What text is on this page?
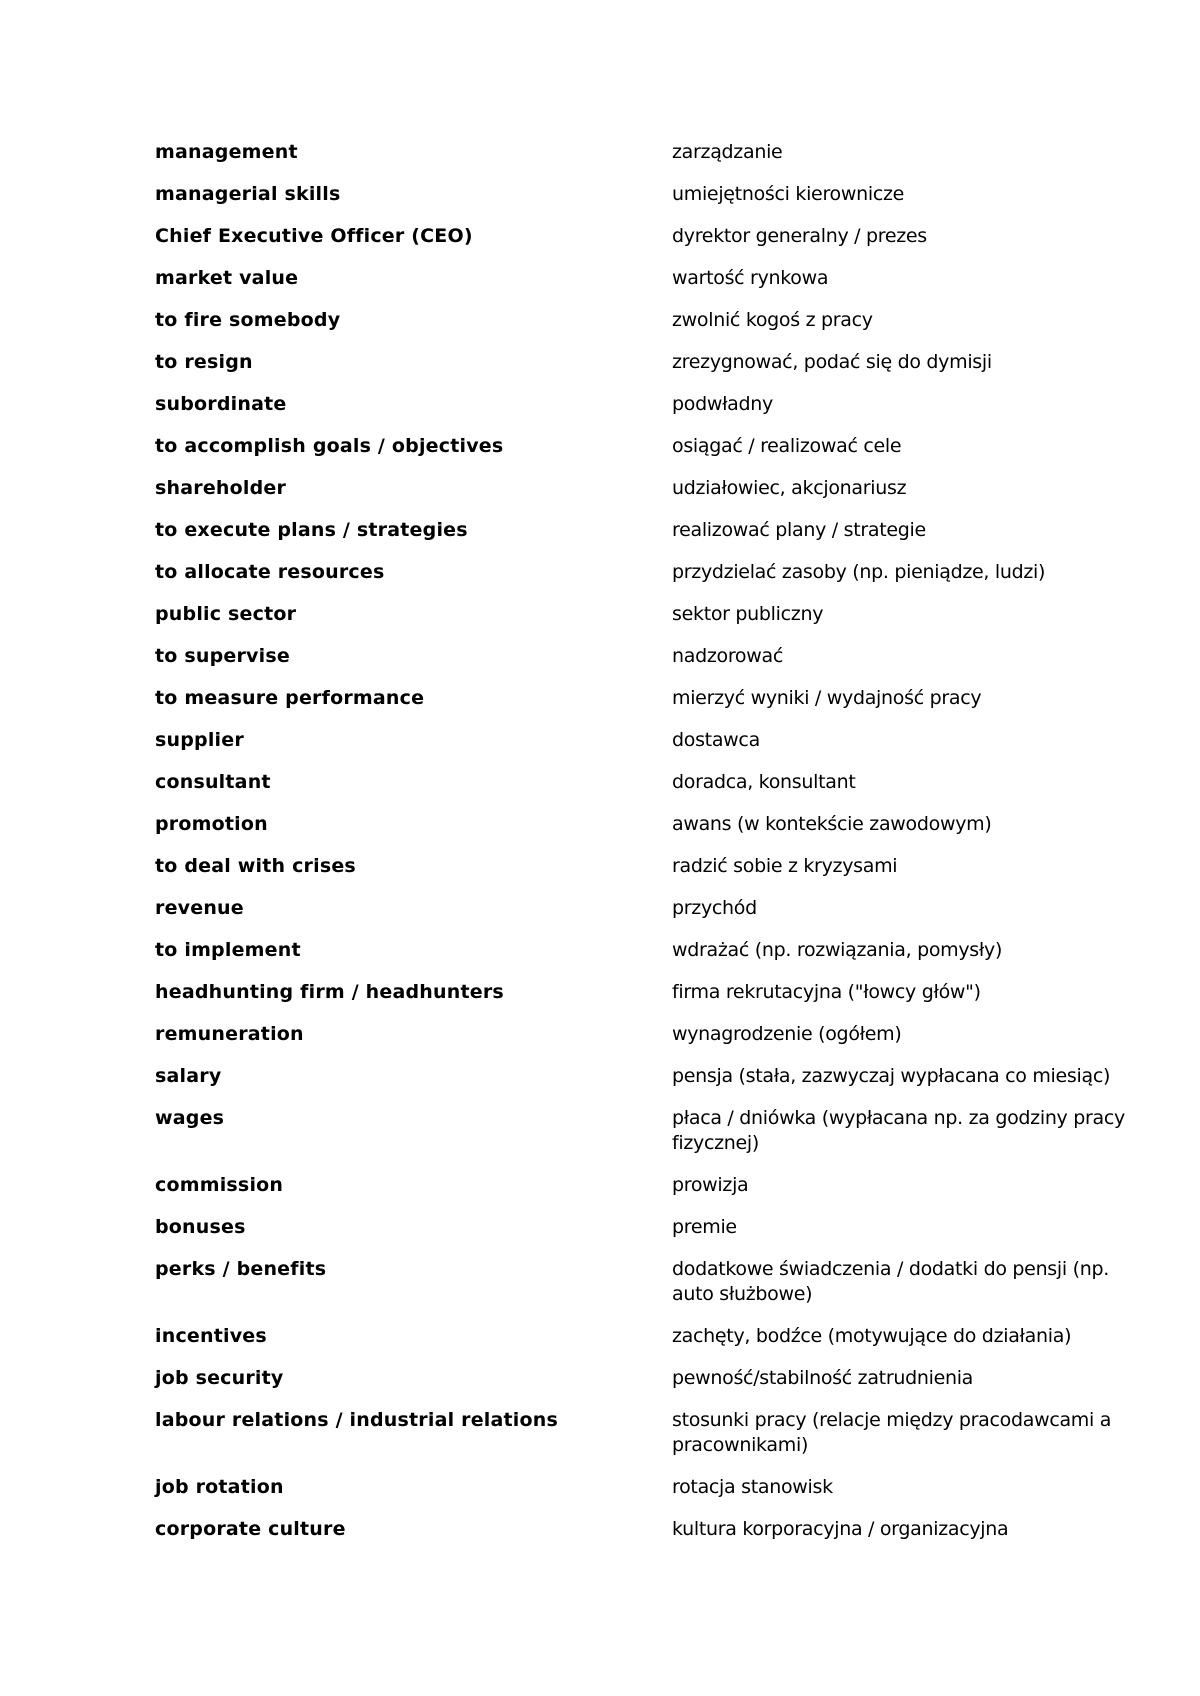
management	zarządzanie
managerial skills	umiejętności kierownicze
Chief Executive Officer (CEO)	dyrektor generalny / prezes
market value	wartość rynkowa
to fire somebody	zwolnić kogoś z pracy
to resign	zrezygnować, podać się do dymisji
subordinate	podwładny
to accomplish goals / objectives	osiągać / realizować cele
shareholder	udziałowiec, akcjonariusz
to execute plans / strategies	realizować plany / strategie
to allocate resources	przydzielać zasoby (np. pieniądze, ludzi)
public sector	sektor publiczny
to supervise	nadzorować
to measure performance	mierzyć wyniki / wydajność pracy
supplier	dostawca
consultant	doradca, konsultant
promotion	awans (w kontekście zawodowym)
to deal with crises	radzić sobie z kryzysami
revenue	przychód
to implement	wdrażać (np. rozwiązania, pomysły)
headhunting firm / headhunters	firma rekrutacyjna ("łowcy głów")
remuneration	wynagrodzenie (ogółem)
salary	pensja (stała, zazwyczaj wypłacana co miesiąc)
wages	płaca / dniówka (wypłacana np. za godziny pracy fizycznej)
commission	prowizja
bonuses	premie
perks / benefits	dodatkowe świadczenia / dodatki do pensji (np. auto służbowe)
incentives	zachęty, bodźce (motywujące do działania)
job security	pewność/stabilność zatrudnienia
labour relations / industrial relations	stosunki pracy (relacje między pracodawcami a pracownikami)
job rotation	rotacja stanowisk
corporate culture	kultura korporacyjna / organizacyjna
